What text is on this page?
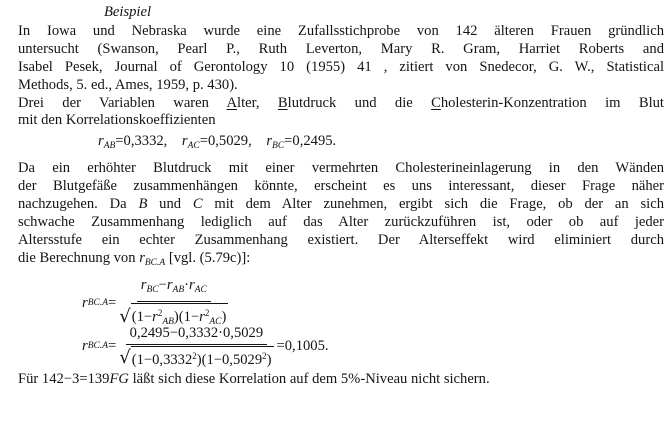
Beispiel
In Iowa und Nebraska wurde eine Zufallsstichprobe von 142 älteren Frauen gründlich
untersucht (Swanson, Pearl P., Ruth Leverton, Mary R. Gram, Harriet Roberts and
Isabel Pesek, Journal of Gerontology 10 (1955) 41 , zitiert von Snedecor, G. W., Statistical
Methods, 5. ed., Ames, 1959, p. 430).
Drei der Variablen waren Alter, Blutdruck und die Cholesterin-Konzentration im Blut
mit den Korrelationskoeffizienten
$r_{AB}=0,3332$, $r_{AC}=0,5029$, $r_{BC}=0,2495$.
Da ein erhöhter Blutdruck mit einer vermehrten Cholesterineinlagerung in den Wänden
der Blutgefäße zusammenhängen könnte, erscheint es uns interessant, dieser Frage näher
nachzugehen. Da B und C mit dem Alter zunehmen, ergibt sich die Frage, ob der an sich
schwache Zusammenhang lediglich auf das Alter zurückzuführen ist, oder ob auf jeder
Altersstufe ein echter Zusammenhang existiert. Der Alterseffekt wird eliminiert durch
die Berechnung von $r_{BC.A}$ [vgl. (5.79c)]:
r $BC.A = \frac{r_{BC}-r_{AB}\cdot r_{AC}}{√ (1-r^2_{AB})(1-r^2_{AC})}$
r $BC.A = \frac{0,2495-0,3332\cdot 0,5029}{√ (1-0,3332^2)(1-0,5029^2)} =0,1005$.
Für 142−3=139FG läßt sich diese Korrelation auf dem 5%-Niveau nicht sichern.
